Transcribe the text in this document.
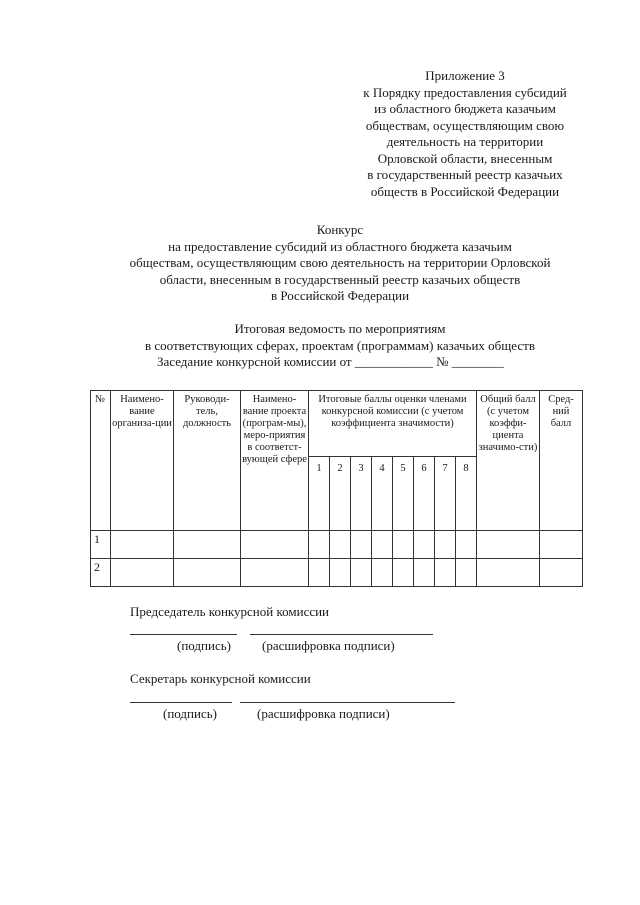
Приложение 3
к Порядку предоставления субсидий
из областного бюджета казачьим
обществам, осуществляющим свою
деятельность на территории
Орловской области, внесенным
в государственный реестр казачьих
обществ в Российской Федерации
Конкурс
на предоставление субсидий из областного бюджета казачьим
обществам, осуществляющим свою деятельность на территории Орловской
области, внесенным в государственный реестр казачьих обществ
в Российской Федерации
Итоговая ведомость по мероприятиям
в соответствующих сферах, проектам (программам) казачьих обществ
Заседание конкурсной комиссии от ____________ № ________
№	Наимено-вание организа-ции	Руководи-тель, должность	Наимено-вание проекта (програм-мы), меро-приятия в соответст-вующей сфере	Итоговые баллы оценки членами конкурсной комиссии (с учетом коэффициента значимости)								Общий балл (с учетом коэффи-циента значимо-сти)	Сред-ний балл
				1	2	3	4	5	6	7	8		
1													
2													
Председатель конкурсной комиссии
(подпись) (расшифровка подписи)
Секретарь конкурсной комиссии
(подпись)	(расшифровка подписи)
